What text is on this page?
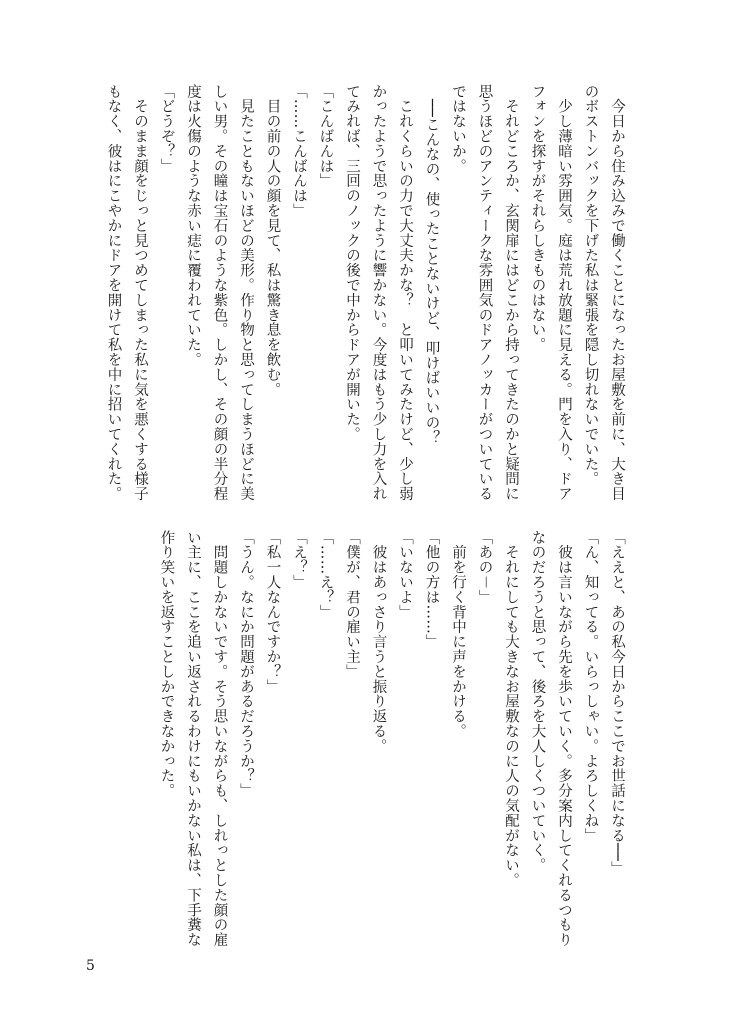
　今日から住み込みで働くことになったお屋敷を前に、大き目のボストンバックを下げた私は緊張を隠し切れないでいた。

　少し薄暗い雰囲気。庭は荒れ放題に見える。門を入り、ドアフォンを探すがそれらしきものはない。

　それどころか、玄関扉にはどこから持ってきたのかと疑問に思うほどのアンティークな雰囲気のドアノッカーがついているではないか。

　──こんなの、使ったことないけど、叩けばいいの？

　これくらいの力で大丈夫かな？　と叩いてみたけど、少し弱かったようで思ったように響かない。今度はもう少し力を入れてみれば、三回のノックの後で中からドアが開いた。

「こんばんは」

「……こんばんは」

　目の前の人の顔を見て、私は驚き息を飲む。

　見たこともないほどの美形。作り物と思ってしまうほどに美しい男。その瞳は宝石のような紫色。しかし、その顔の半分程度は火傷のような赤い痣に覆われていた。

「どうぞ？」

　そのまま顔をじっと見つめてしまった私に気を悪くする様子もなく、彼はにこやかにドアを開けて私を中に招いてくれた。

「ええと、あの私今日からここでお世話になる──」

「ん、知ってる。いらっしゃい。よろしくね」

　彼は言いながら先を歩いていく。多分案内してくれるつもりなのだろうと思って、後ろを大人しくついていく。

　それにしても大きなお屋敷なのに人の気配がない。

「あの－」

　前を行く背中に声をかける。

「他の方は……」

「いないよ」

　彼はあっさり言うと振り返る。

「僕が、君の雇い主」

「……え？」

「え？」

「私一人なんですか？」

「うん。なにか問題があるだろうか？」

　問題しかないです。そう思いながらも、しれっとした顔の雇い主に、ここを追い返されるわけにもいかない私は、下手糞な作り笑いを返すことしかできなかった。

5
